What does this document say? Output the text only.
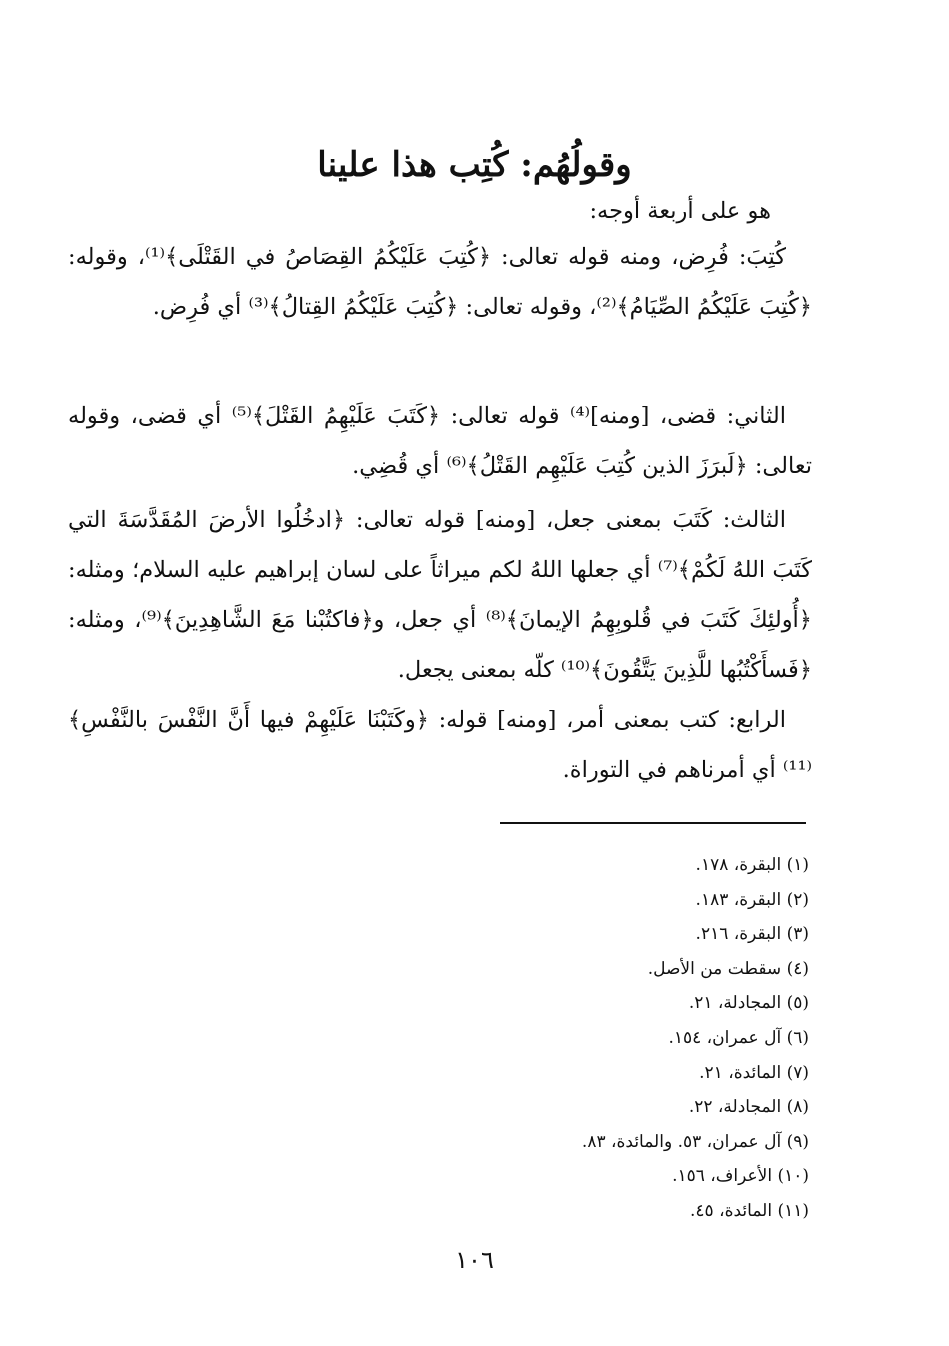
وقولُهُم: كُتِب هذا علينا
هو على أربعة أوجه:

كُتِبَ: فُرِض، ومنه قوله تعالى: ﴿كُتِبَ عَلَيْكُمُ القِصَاصُ في القَتْلَى﴾⁽¹⁾، وقوله: ﴿كُتِبَ عَلَيْكُمُ الصِّيَامُ﴾⁽²⁾، وقوله تعالى: ﴿كُتِبَ عَلَيْكُمُ القِتالُ﴾⁽³⁾ أي فُرِض.

الثاني: قضى، [ومنه]⁽⁴⁾ قوله تعالى: ﴿كَتَبَ عَلَيْهِمُ القَتْلَ﴾⁽⁵⁾ أي قضى، وقوله تعالى: ﴿لَبرَزَ الذين كُتِبَ عَلَيْهِم القَتْلُ﴾⁽⁶⁾ أي قُضِي.

الثالث: كَتَبَ بمعنى جعل، [ومنه] قوله تعالى: ﴿ادخُلُوا الأرضَ المُقَدَّسَةَ التي كَتَبَ اللهُ لَكُمْ﴾⁽⁷⁾ أي جعلها اللهُ لكم ميراثاً على لسان إبراهيم عليه السلام؛ ومثله: ﴿أُولئِكَ كَتَبَ في قُلوبِهِمُ الإيمانَ﴾⁽⁸⁾ أي جعل، و﴿فاكتُبْنا مَعَ الشَّاهِدِينَ﴾⁽⁹⁾، ومثله: ﴿فَسأَكْتُبُها للَّذِينَ يَتَّقُونَ﴾⁽¹⁰⁾ كلّه بمعنى يجعل.

الرابع: كتب بمعنى أمر، [ومنه] قوله: ﴿وكَتَبْنَا عَلَيْهِمْ فيها أَنَّ النَّفْسَ بالنَّفْسِ﴾⁽¹¹⁾ أي أمرناهم في التوراة.

(١) البقرة، ١٧٨.
(٢) البقرة، ١٨٣.
(٣) البقرة، ٢١٦.
(٤) سقطت من الأصل.
(٥) المجادلة، ٢١.
(٦) آل عمران، ١٥٤.
(٧) المائدة، ٢١.
(٨) المجادلة، ٢٢.
(٩) آل عمران، ٥٣. والمائدة، ٨٣.
(١٠) الأعراف، ١٥٦.
(١١) المائدة، ٤٥.
١٠٦
